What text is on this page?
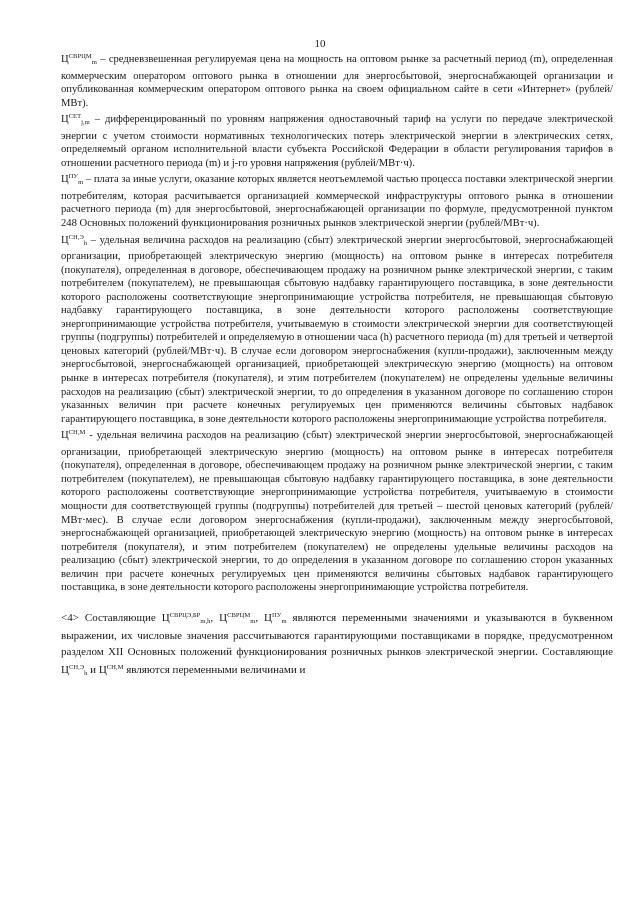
10

$Ц^{СВРЦМ}_m$ – средневзвешенная регулируемая цена на мощность на оптовом рынке за расчетный период (m), определенная коммерческим оператором оптового рынка в отношении для энергосбытовой, энергоснабжающей организации и опубликованная коммерческим оператором оптового рынка на своем официальном сайте в сети «Интернет» (рублей/МВт).

$Ц^{СЕТ}_{j,m}$ – дифференцированный по уровням напряжения одноставочный тариф на услуги по передаче электрической энергии с учетом стоимости нормативных технологических потерь электрической энергии в электрических сетях, определяемый органом исполнительной власти субъекта Российской Федерации в области регулирования тарифов в отношении расчетного периода (m) и j-го уровня напряжения (рублей/МВт·ч).

$Ц^{ПУ}_m$ – плата за иные услуги, оказание которых является неотъемлемой частью процесса поставки электрической энергии потребителям, которая расчитывается организацией коммерческой инфраструктуры оптового рынка в отношении расчетного периода (m) для энергосбытовой, энергоснабжающей организации по формуле, предусмотренной пунктом 248 Основных положений функционирования розничных рынков электрической энергии (рублей/МВт·ч).

$Ц^{СН,Э}_h$ – удельная величина расходов на реализацию (сбыт) электрической энергии энергосбытовой, энергоснабжающей организации, приобретающей электрическую энергию (мощность) на оптовом рынке в интересах потребителя (покупателя), определенная в договоре, обеспечивающем продажу на розничном рынке электрической энергии, с таким потребителем (покупателем), не превышающая сбытовую надбавку гарантирующего поставщика, в зоне деятельности которого расположены соответствующие энергопринимающие устройства потребителя, не превышающая сбытовую надбавку гарантирующего поставщика, в зоне деятельности которого расположены соответствующие энергопринимающие устройства потребителя, учитываемую в стоимости электрической энергии для соответствующей группы (подгруппы) потребителей и определяемую в отношении часа (h) расчетного периода (m) для третьей и четвертой ценовых категорий (рублей/МВт·ч). В случае если договором энергоснабжения (купли-продажи), заключенным между энергосбытовой, энергоснабжающей организацией, приобретающей электрическую энергию (мощность) на оптовом рынке в интересах потребителя (покупателя), и этим потребителем (покупателем) не определены удельные величины расходов на реализацию (сбыт) электрической энергии, то до определения в указанном договоре по соглашению сторон указанных величин при расчете конечных регулируемых цен применяются величины сбытовых надбавок гарантирующего поставщика, в зоне деятельности которого расположены энергопринимающие устройства потребителя.

$Ц^{СН,М}$ - удельная величина расходов на реализацию (сбыт) электрической энергии энергосбытовой, энергоснабжающей организации, приобретающей электрическую энергию (мощность) на оптовом рынке в интересах потребителя (покупателя), определенная в договоре, обеспечивающем продажу на розничном рынке электрической энергии, с таким потребителем (покупателем), не превышающая сбытовую надбавку гарантирующего поставщика, в зоне деятельности которого расположены соответствующие энергопринимающие устройства потребителя, учитываемую в стоимости мощности для соответствующей группы (подгруппы) потребителей для третьей – шестой ценовых категорий (рублей/МВт·мес). В случае если договором энергоснабжения (купли-продажи), заключенным между энергосбытовой, энергоснабжающей организацией, приобретающей электрическую энергию (мощность) на оптовом рынке в интересах потребителя (покупателя), и этим потребителем (покупателем) не определены удельные величины расходов на реализацию (сбыт) электрической энергии, то до определения в указанном договоре по соглашению сторон указанных величин при расчете конечных регулируемых цен применяются величины сбытовых надбавок гарантирующего поставщика, в зоне деятельности которого расположены энергопринимающие устройства потребителя.

<4> Составляющие $Ц^{СВРЦЭ,БР}_{m,h}$, $Ц^{СВРЦМ}_m$, $Ц^{ПУ}_m$ являются переменными значениями и указываются в буквенном выражении, их числовые значения рассчитываются гарантирующими поставщиками в порядке, предусмотренном разделом XII Основных положений функционирования розничных рынков электрической энергии. Составляющие $Ц^{СН,Э}_h$ и $Ц^{СН,М}$ являются переменными величинами и
